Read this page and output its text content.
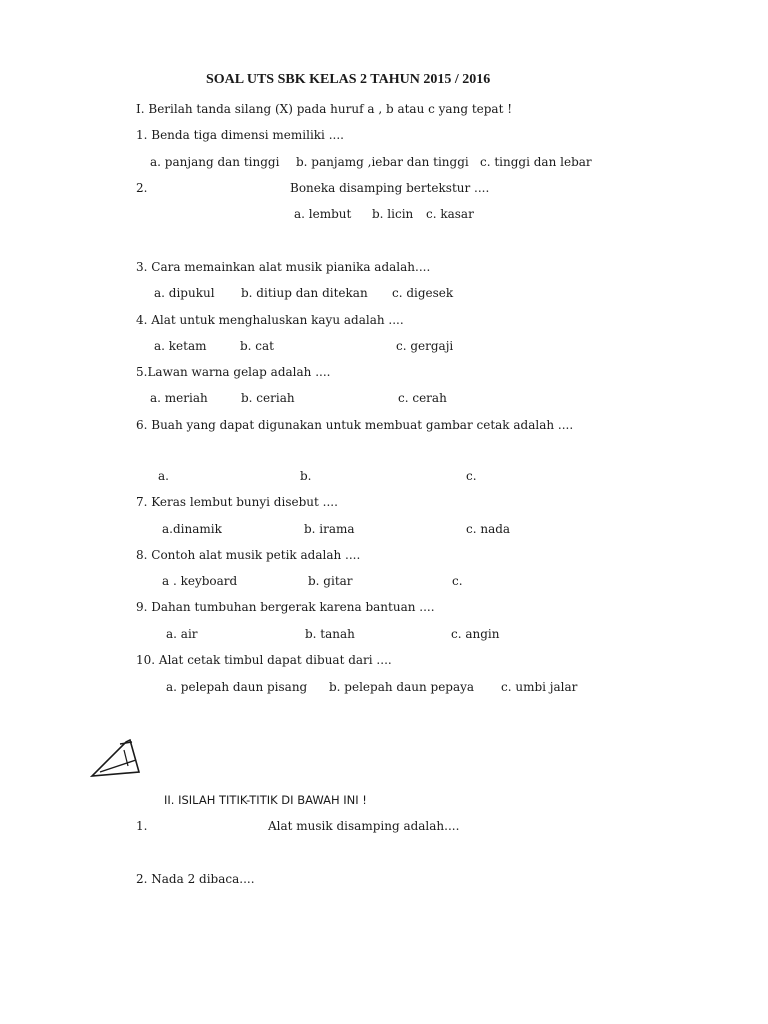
SOAL UTS SBK KELAS 2 TAHUN 2015 / 2016
I. Berilah tanda silang (X) pada huruf a , b atau c yang tepat !
1. Benda tiga dimensi memiliki ....
a. panjang dan tinggi b. panjamg ,iebar dan tinggi c. tinggi dan lebar
2.	Boneka disamping bertekstur ....
a. lembut b. licin c. kasar
3. Cara memainkan alat musik pianika adalah....
a. dipukul b. ditiup dan ditekan c. digesek
4. Alat untuk menghaluskan kayu adalah ....
a. ketam	b. cat	c. gergaji
5.Lawan warna gelap adalah ....
a. meriah	b. ceriah	c. cerah
6. Buah yang dapat digunakan untuk membuat gambar cetak adalah ....
a.	b.	c.
7. Keras lembut bunyi disebut ....
a.dinamik	b. irama	c. nada
8. Contoh alat musik petik adalah ....
a . keyboard	b. gitar	c.
9. Dahan tumbuhan bergerak karena bantuan ....
a. air	b. tanah	c. angin
10. Alat cetak timbul dapat dibuat dari ....
a. pelepah daun pisang b. pelepah daun pepaya c. umbi jalar
II. ISILAH TITIK-TITIK DI BAWAH INI !
1.	Alat musik disamping adalah....
2. Nada 2 dibaca....
